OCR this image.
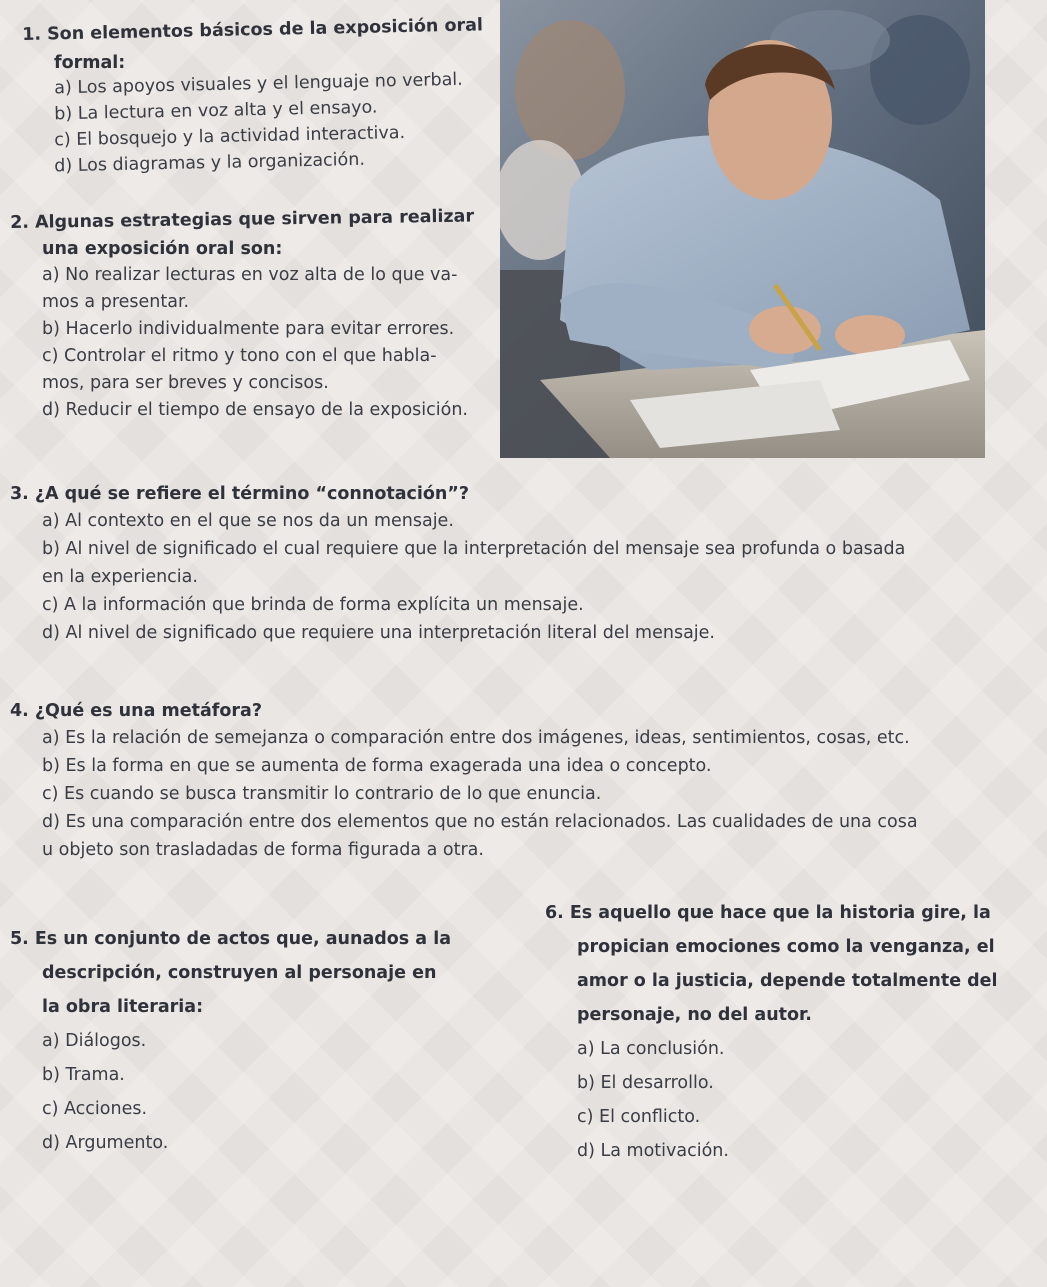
1. Son elementos básicos de la exposición oral
formal:
a) Los apoyos visuales y el lenguaje no verbal.
b) La lectura en voz alta y el ensayo.
c) El bosquejo y la actividad interactiva.
d) Los diagramas y la organización.
2. Algunas estrategias que sirven para realizar
una exposición oral son:
a) No realizar lecturas en voz alta de lo que va-
mos a presentar.
b) Hacerlo individualmente para evitar errores.
c) Controlar el ritmo y tono con el que habla-
mos, para ser breves y concisos.
d) Reducir el tiempo de ensayo de la exposición.
3. ¿A qué se refiere el término “connotación”?
a) Al contexto en el que se nos da un mensaje.
b) Al nivel de significado el cual requiere que la interpretación del mensaje sea profunda o basada
en la experiencia.
c) A la información que brinda de forma explícita un mensaje.
d) Al nivel de significado que requiere una interpretación literal del mensaje.
4. ¿Qué es una metáfora?
a) Es la relación de semejanza o comparación entre dos imágenes, ideas, sentimientos, cosas, etc.
b) Es la forma en que se aumenta de forma exagerada una idea o concepto.
c) Es cuando se busca transmitir lo contrario de lo que enuncia.
d) Es una comparación entre dos elementos que no están relacionados. Las cualidades de una cosa
u objeto son trasladadas de forma figurada a otra.
5. Es un conjunto de actos que, aunados a la
descripción, construyen al personaje en
la obra literaria:
a) Diálogos.
b) Trama.
c) Acciones.
d) Argumento.
6. Es aquello que hace que la historia gire, la
propician emociones como la venganza, el
amor o la justicia, depende totalmente del
personaje, no del autor.
a) La conclusión.
b) El desarrollo.
c) El conflicto.
d) La motivación.
